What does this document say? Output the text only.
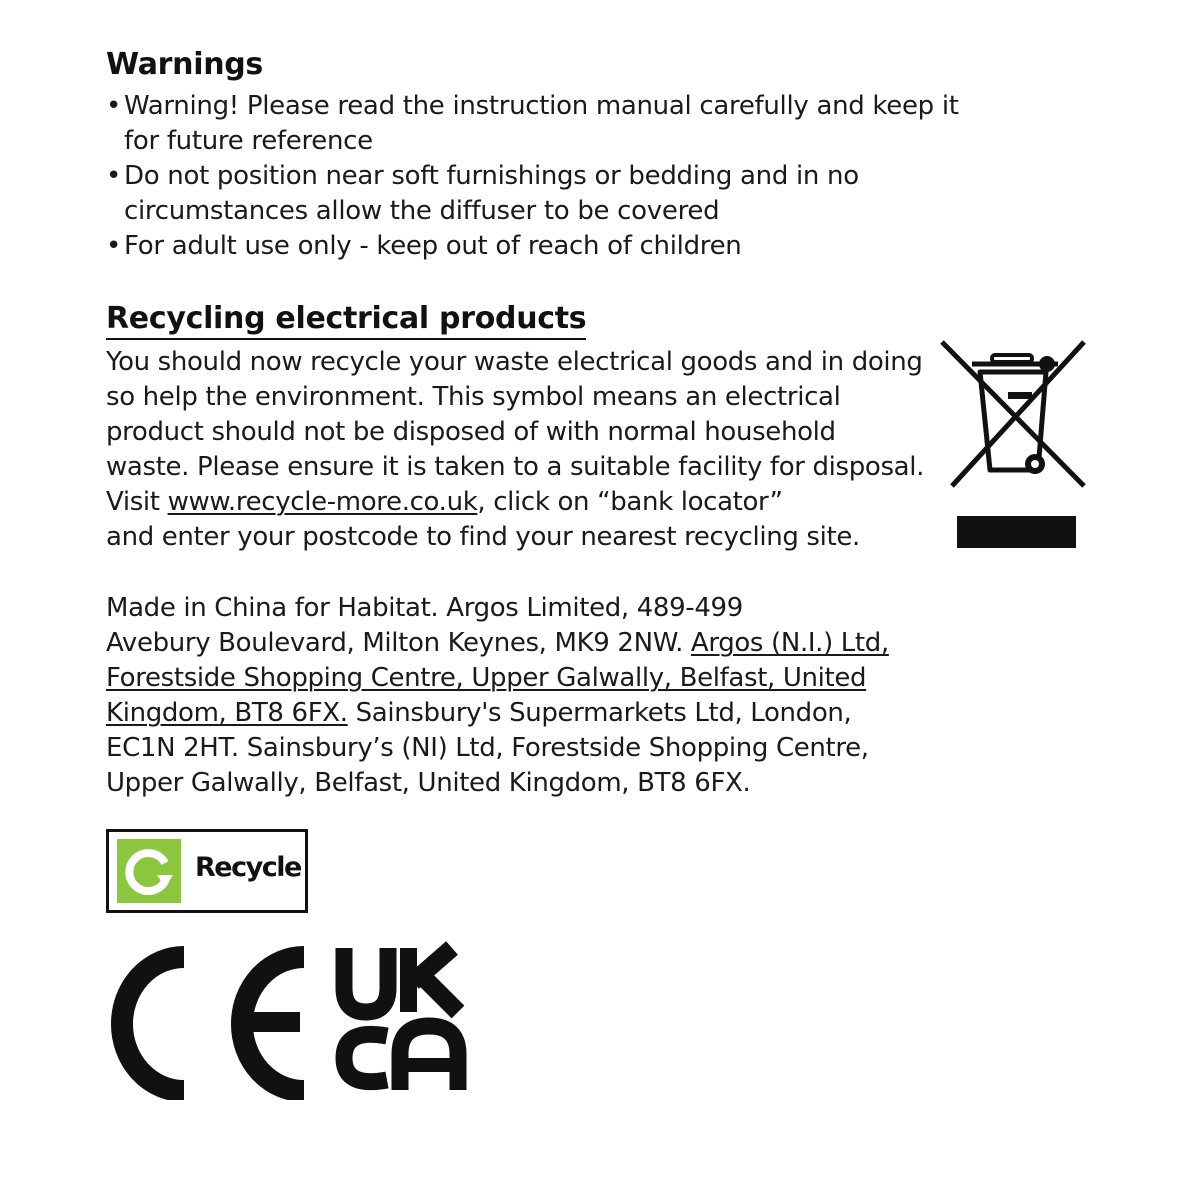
Warnings
• Warning! Please read the instruction manual carefully and keep it for future reference
• Do not position near soft furnishings or bedding and in no circumstances allow the diffuser to be covered
• For adult use only - keep out of reach of children
Recycling electrical products

You should now recycle your waste electrical goods and in doing
so help the environment. This symbol means an electrical
product should not be disposed of with normal household
waste. Please ensure it is taken to a suitable facility for disposal.
Visit www.recycle-more.co.uk, click on “bank locator”
and enter your postcode to find your nearest recycling site.

Made in China for Habitat. Argos Limited, 489-499
Avebury Boulevard, Milton Keynes, MK9 2NW. Argos (N.I.) Ltd,
Forestside Shopping Centre, Upper Galwally, Belfast, United
Kingdom, BT8 6FX. Sainsbury's Supermarkets Ltd, London,
EC1N 2HT. Sainsbury’s (NI) Ltd, Forestside Shopping Centre,
Upper Galwally, Belfast, United Kingdom, BT8 6FX.

Recycle
